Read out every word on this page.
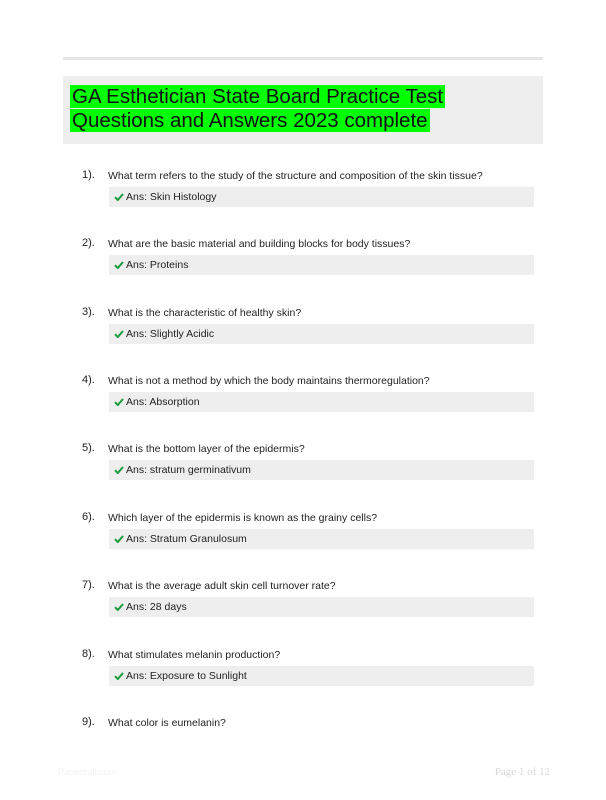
GA Esthetician State Board Practice Test
Questions and Answers 2023 complete
1). What term refers to the study of the structure and composition of the skin tissue?
Ans: Skin Histology
2). What are the basic material and building blocks for body tissues?
Ans: Proteins
3). What is the characteristic of healthy skin?
Ans: Slightly Acidic
4). What is not a method by which the body maintains thermoregulation?
Ans: Absorption
5). What is the bottom layer of the epidermis?
Ans: stratum germinativum
6). Which layer of the epidermis is known as the grainy cells?
Ans: Stratum Granulosum
7). What is the average adult skin cell turnover rate?
Ans: 28 days
8). What stimulates melanin production?
Ans: Exposure to Sunlight
9). What color is eumelanin?
Papertrail.com	Page 1 of 12
